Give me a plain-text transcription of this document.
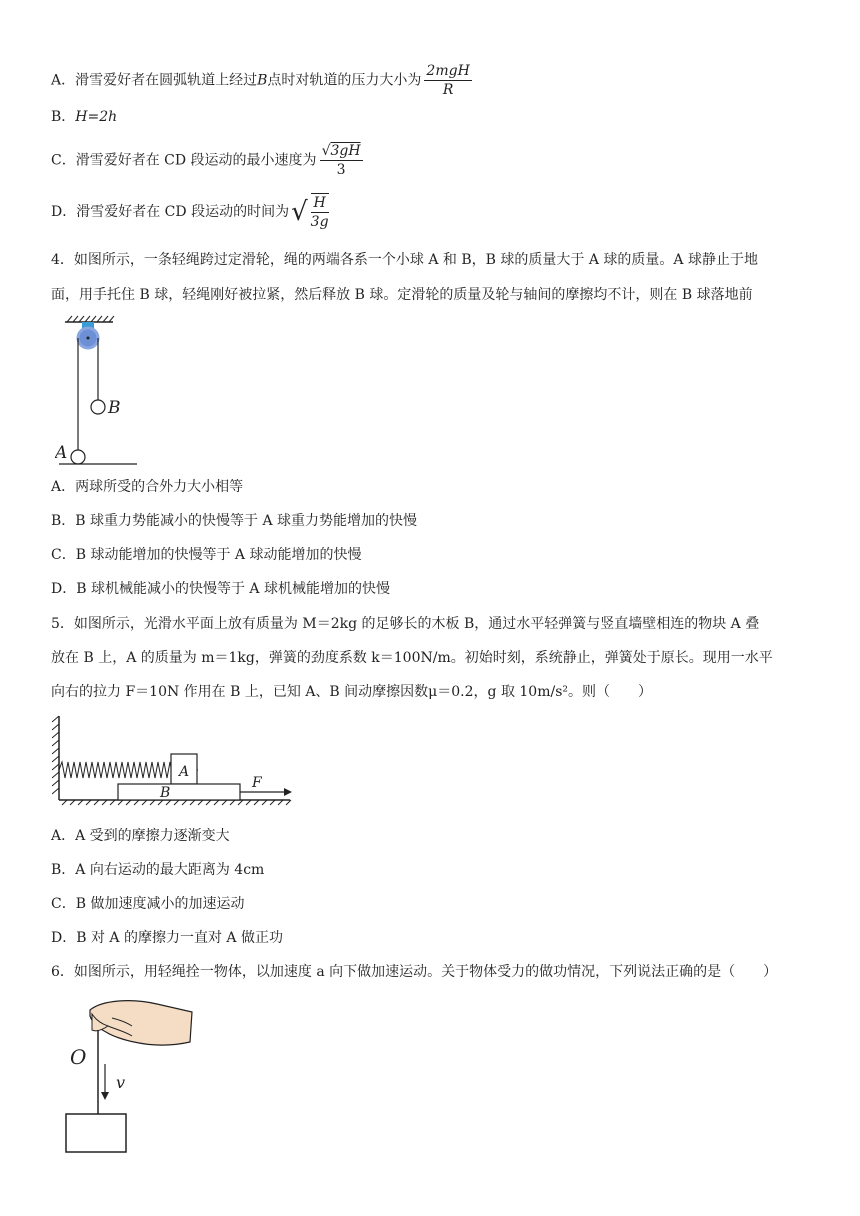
A．滑雪爱好者在圆弧轨道上经过B点时对轨道的压力大小为 $\frac{\text{2mgH}}{R}$
B．H=2h
C．滑雪爱好者在 CD 段运动的最小速度为 $\frac{√3gH}{3}$
D．滑雪爱好者在 CD 段运动的时间为√ $\frac{H}{3g}$
4．如图所示，一条轻绳跨过定滑轮，绳的两端各系一个小球 A 和 B，B 球的质量大于 A 球的质量。A 球静止于地
面，用手托住 B 球，轻绳刚好被拉紧，然后释放 B 球。定滑轮的质量及轮与轴间的摩擦均不计，则在 B 球落地前
B
A
A．两球所受的合外力大小相等
B．B 球重力势能减小的快慢等于 A 球重力势能增加的快慢
C．B 球动能增加的快慢等于 A 球动能增加的快慢
D．B 球机械能减小的快慢等于 A 球机械能增加的快慢
5．如图所示，光滑水平面上放有质量为 M＝2kg 的足够长的木板 B，通过水平轻弹簧与竖直墙壁相连的物块 A 叠
放在 B 上，A 的质量为 m＝1kg，弹簧的劲度系数 k＝100N/m。初始时刻，系统静止，弹簧处于原长。现用一水平
向右的拉力 F＝10N 作用在 B 上，已知 A、B 间动摩擦因数μ＝0.2，g 取 10m/s²。则（　　）
A
B
F
A．A 受到的摩擦力逐渐变大
B．A 向右运动的最大距离为 4cm
C．B 做加速度减小的加速运动
D．B 对 A 的摩擦力一直对 A 做正功
6．如图所示，用轻绳拴一物体，以加速度 a 向下做加速运动。关于物体受力的做功情况，下列说法正确的是（　　）
O
v
